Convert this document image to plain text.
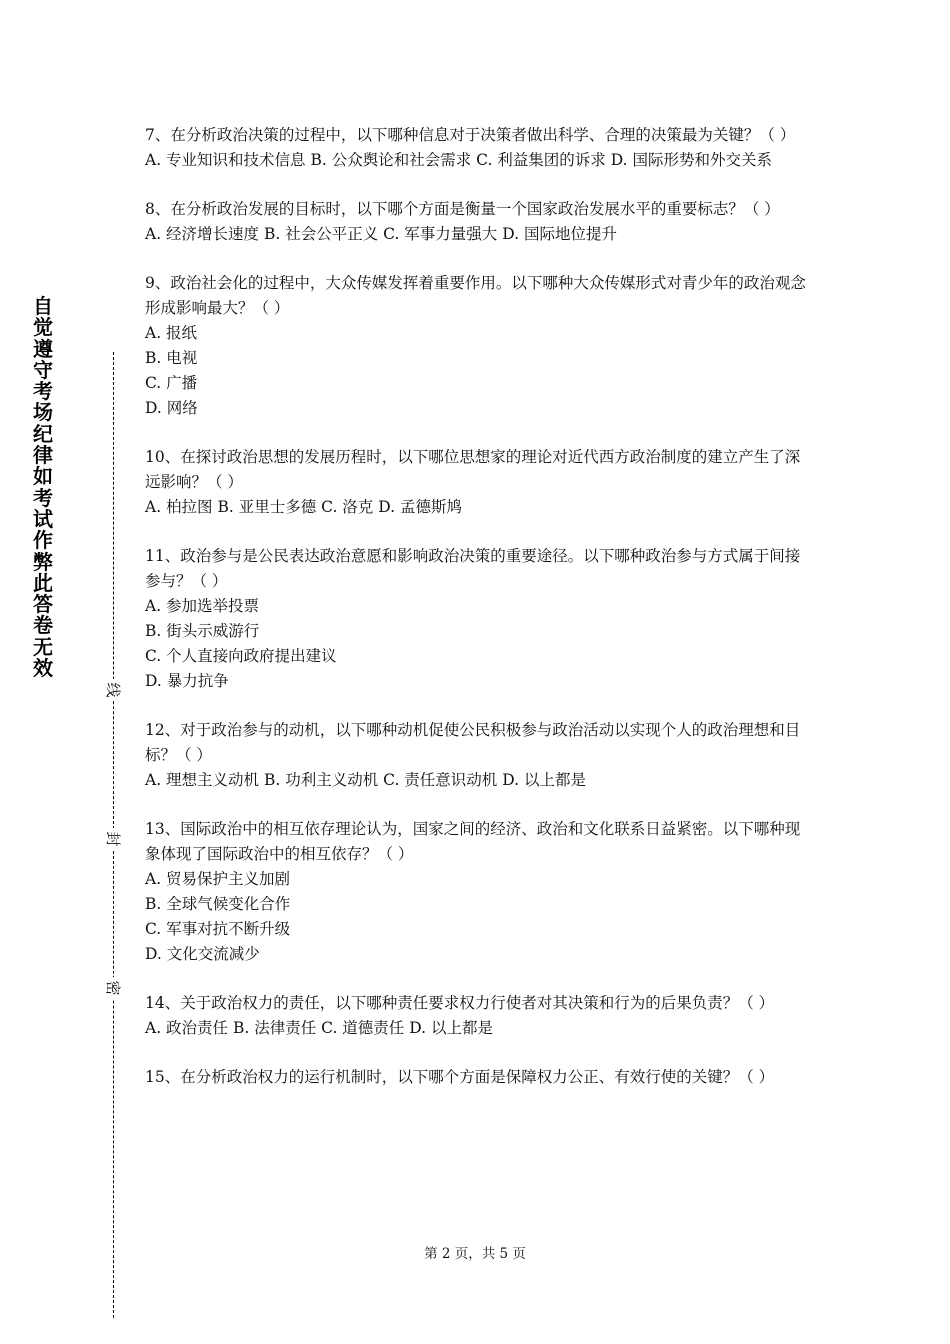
自
觉
遵
守
考
场
纪
律
如
考
试
作
弊
此
答
卷
无
效
线
封
密

7、在分析政治决策的过程中，以下哪种信息对于决策者做出科学、合理的决策最为关键？（ ）

A. 专业知识和技术信息 B. 公众舆论和社会需求 C. 利益集团的诉求 D. 国际形势和外交关系

8、在分析政治发展的目标时，以下哪个方面是衡量一个国家政治发展水平的重要标志？（ ）

A. 经济增长速度 B. 社会公平正义 C. 军事力量强大 D. 国际地位提升

9、政治社会化的过程中，大众传媒发挥着重要作用。以下哪种大众传媒形式对青少年的政治观念形成影响最大？（ ）

A. 报纸

B. 电视

C. 广播

D. 网络

10、在探讨政治思想的发展历程时，以下哪位思想家的理论对近代西方政治制度的建立产生了深远影响？（ ）

A. 柏拉图 B. 亚里士多德 C. 洛克 D. 孟德斯鸠

11、政治参与是公民表达政治意愿和影响政治决策的重要途径。以下哪种政治参与方式属于间接参与？（ ）

A. 参加选举投票

B. 街头示威游行

C. 个人直接向政府提出建议

D. 暴力抗争

12、对于政治参与的动机，以下哪种动机促使公民积极参与政治活动以实现个人的政治理想和目标？（ ）

A. 理想主义动机 B. 功利主义动机 C. 责任意识动机 D. 以上都是

13、国际政治中的相互依存理论认为，国家之间的经济、政治和文化联系日益紧密。以下哪种现象体现了国际政治中的相互依存？（ ）

A. 贸易保护主义加剧

B. 全球气候变化合作

C. 军事对抗不断升级

D. 文化交流减少

14、关于政治权力的责任，以下哪种责任要求权力行使者对其决策和行为的后果负责？（ ）

A. 政治责任 B. 法律责任 C. 道德责任 D. 以上都是

15、在分析政治权力的运行机制时，以下哪个方面是保障权力公正、有效行使的关键？（ ）

第 2 页，共 5 页
